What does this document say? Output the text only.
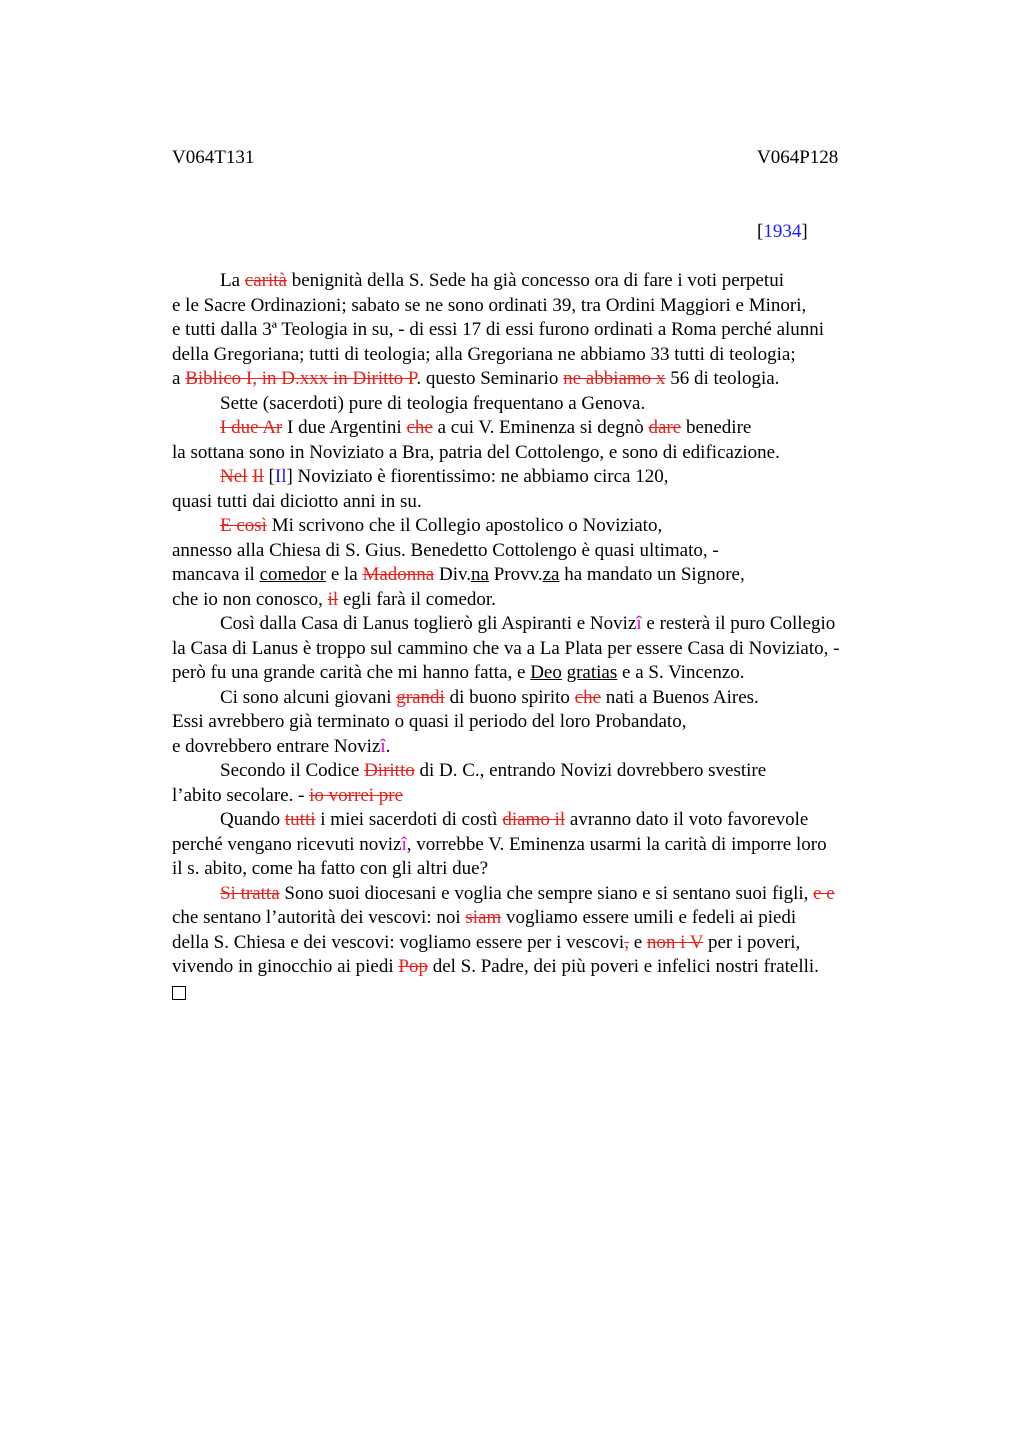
V064T131	V064P128
[1934]
La carità benignità della S. Sede ha già concesso ora di fare i voti perpetui
e le Sacre Ordinazioni; sabato se ne sono ordinati 39, tra Ordini Maggiori e Minori,
e tutti dalla 3ª Teologia in su, - di essi 17 di essi furono ordinati a Roma perché alunni
della Gregoriana; tutti di teologia; alla Gregoriana ne abbiamo 33 tutti di teologia;
a Biblico I, in D.xxx in Diritto P. questo Seminario ne abbiamo x 56 di teologia.
Sette (sacerdoti) pure di teologia frequentano a Genova.
I due Ar I due Argentini che a cui V. Eminenza si degnò dare benedire
la sottana sono in Noviziato a Bra, patria del Cottolengo, e sono di edificazione.
Nel Il [Il] Noviziato è fiorentissimo: ne abbiamo circa 120,
quasi tutti dai diciotto anni in su.
E così Mi scrivono che il Collegio apostolico o Noviziato,
annesso alla Chiesa di S. Gius. Benedetto Cottolengo è quasi ultimato, -
mancava il comedor e la Madonna Div.na Provv.za ha mandato un Signore,
che io non conosco, il egli farà il comedor.
Così dalla Casa di Lanus toglierò gli Aspiranti e Novizî e resterà il puro Collegio
la Casa di Lanus è troppo sul cammino che va a La Plata per essere Casa di Noviziato, -
però fu una grande carità che mi hanno fatta, e Deo gratias e a S. Vincenzo.
Ci sono alcuni giovani grandi di buono spirito che nati a Buenos Aires.
Essi avrebbero già terminato o quasi il periodo del loro Probandato,
e dovrebbero entrare Novizî.
Secondo il Codice Diritto di D. C., entrando Novizi dovrebbero svestire
l’abito secolare. - io vorrei pre
Quando tutti i miei sacerdoti di costì diamo il avranno dato il voto favorevole
perché vengano ricevuti novizî, vorrebbe V. Eminenza usarmi la carità di imporre loro
il s. abito, come ha fatto con gli altri due?
Si tratta Sono suoi diocesani e voglia che sempre siano e si sentano suoi figli, e e
che sentano l’autorità dei vescovi: noi siam vogliamo essere umili e fedeli ai piedi
della S. Chiesa e dei vescovi: vogliamo essere per i vescovi, e non i V per i poveri,
vivendo in ginocchio ai piedi Pop del S. Padre, dei più poveri e infelici nostri fratelli.
